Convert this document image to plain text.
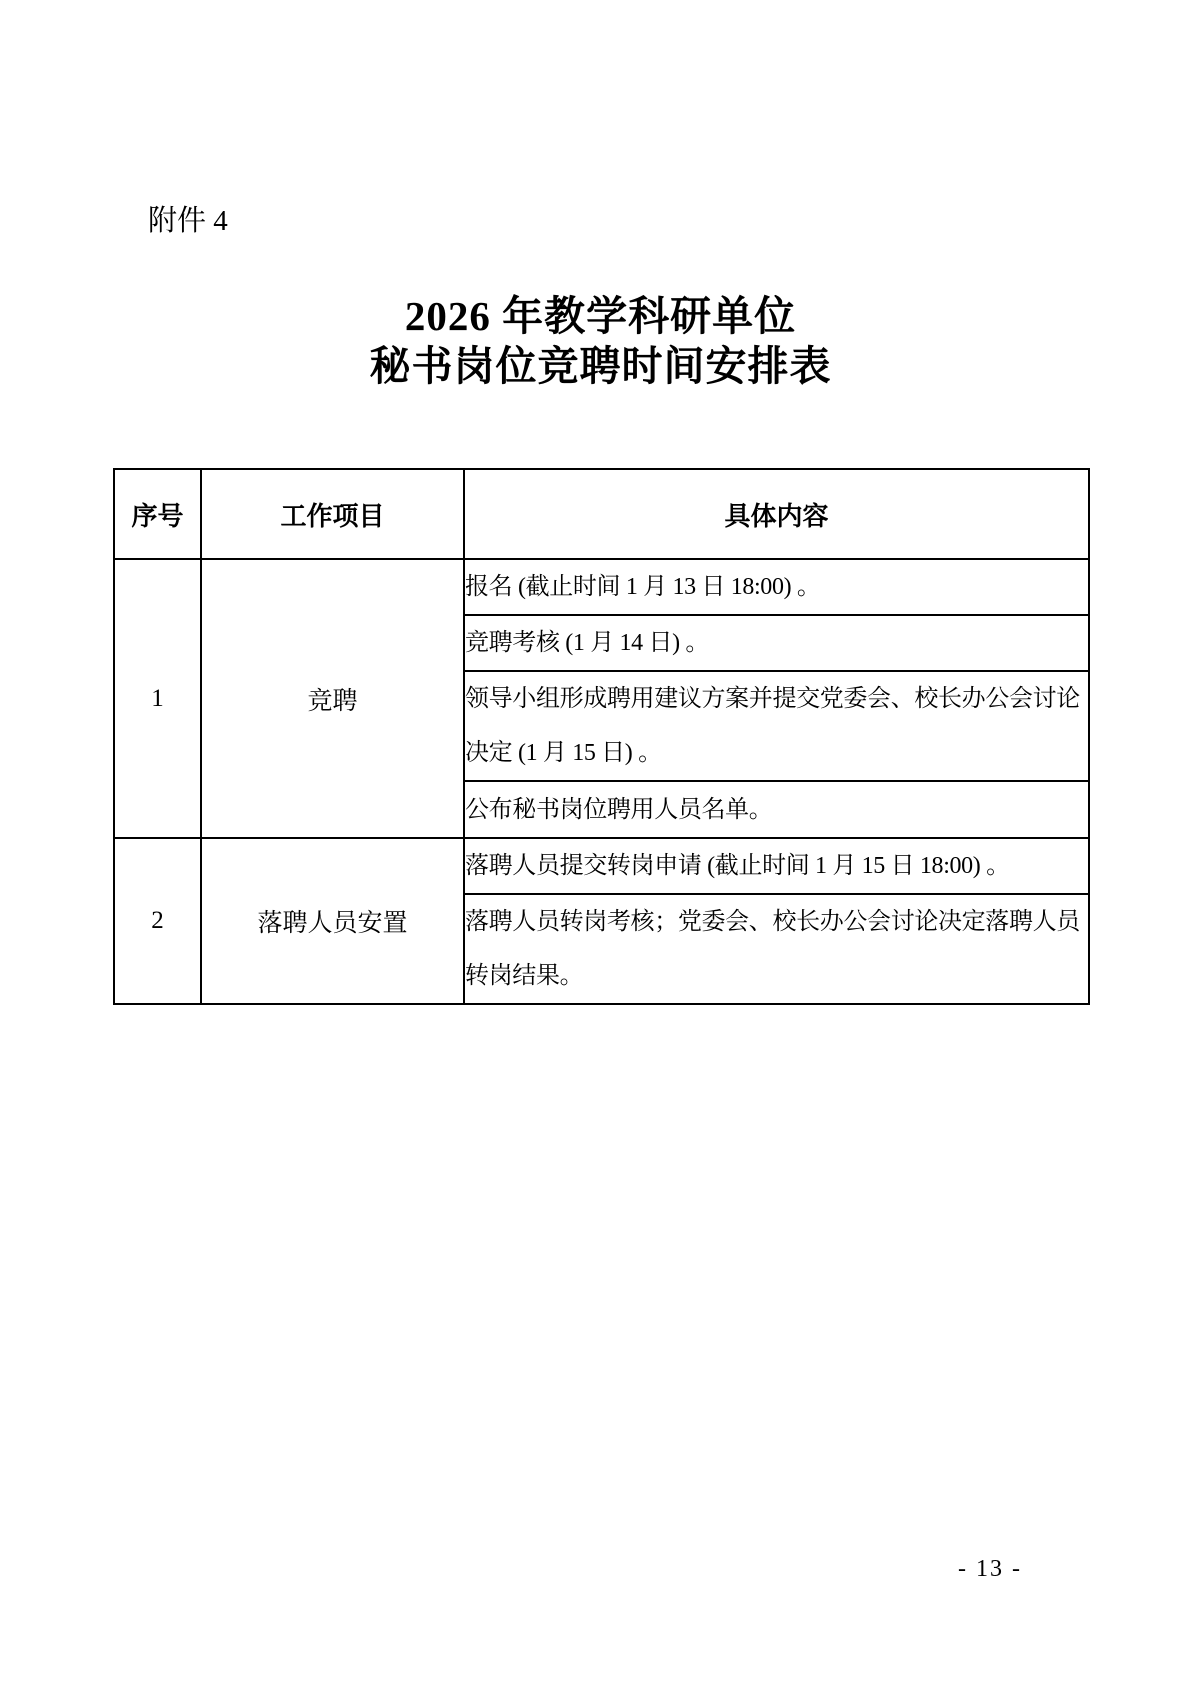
附件 4
2026 年教学科研单位
秘书岗位竞聘时间安排表
序号	工作项目	具体内容
1	竞聘	报名 (截止时间 1 月 13 日 18:00) 。
		竞聘考核 (1 月 14 日) 。
		领导小组形成聘用建议方案并提交党委会、校长办公会讨论决定 (1 月 15 日) 。
		公布秘书岗位聘用人员名单。
2	落聘人员安置	落聘人员提交转岗申请 (截止时间 1 月 15 日 18:00) 。
		落聘人员转岗考核；党委会、校长办公会讨论决定落聘人员转岗结果。
- 13 -
